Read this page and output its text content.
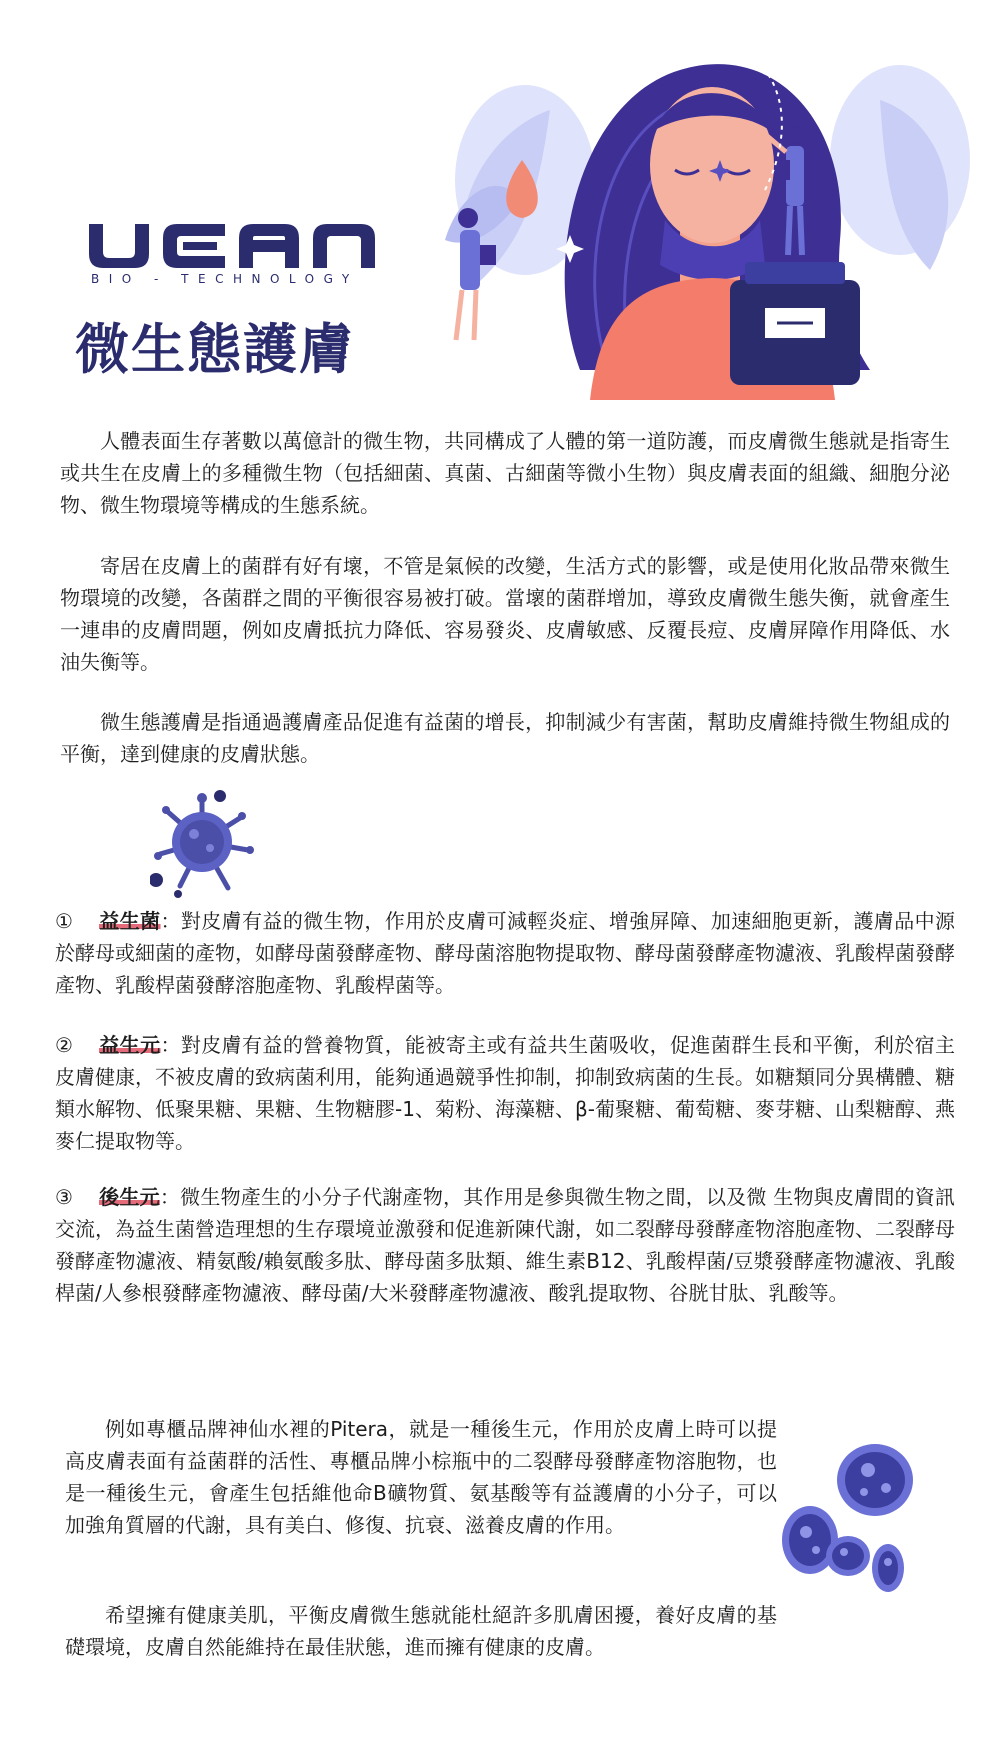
BIO - TECHNOLOGY
微生態護膚

人體表面生存著數以萬億計的微生物，共同構成了人體的第一道防護，而皮膚微生態就是指寄生或共生在皮膚上的多種微生物（包括細菌、真菌、古細菌等微小生物）與皮膚表面的組織、細胞分泌物、微生物環境等構成的生態系統。

寄居在皮膚上的菌群有好有壞，不管是氣候的改變，生活方式的影響，或是使用化妝品帶來微生物環境的改變，各菌群之間的平衡很容易被打破。當壞的菌群增加，導致皮膚微生態失衡，就會產生一連串的皮膚問題，例如皮膚抵抗力降低、容易發炎、皮膚敏感、反覆長痘、皮膚屏障作用降低、水油失衡等。

微生態護膚是指通過護膚產品促進有益菌的增長，抑制減少有害菌，幫助皮膚維持微生物組成的平衡，達到健康的皮膚狀態。

① 益生菌：對皮膚有益的微生物，作用於皮膚可減輕炎症、增強屏障、加速細胞更新，護膚品中源於酵母或細菌的產物，如酵母菌發酵產物、酵母菌溶胞物提取物、酵母菌發酵產物濾液、乳酸桿菌發酵產物、乳酸桿菌發酵溶胞產物、乳酸桿菌等。

② 益生元：對皮膚有益的營養物質，能被寄主或有益共生菌吸收，促進菌群生長和平衡，利於宿主皮膚健康，不被皮膚的致病菌利用，能夠通過競爭性抑制，抑制致病菌的生長。如糖類同分異構體、糖類水解物、低聚果糖、果糖、生物糖膠-1、菊粉、海藻糖、β-葡聚糖、葡萄糖、麥芽糖、山梨糖醇、燕麥仁提取物等。

③ 後生元：微生物產生的小分子代謝產物，其作用是參與微生物之間，以及微 生物與皮膚間的資訊交流，為益生菌營造理想的生存環境並激發和促進新陳代謝，如二裂酵母發酵產物溶胞產物、二裂酵母發酵產物濾液、精氨酸/賴氨酸多肽、酵母菌多肽類、維生素B12、乳酸桿菌/豆漿發酵產物濾液、乳酸桿菌/人參根發酵產物濾液、酵母菌/大米發酵產物濾液、酸乳提取物、谷胱甘肽、乳酸等。

例如專櫃品牌神仙水裡的Pitera，就是一種後生元，作用於皮膚上時可以提高皮膚表面有益菌群的活性、專櫃品牌小棕瓶中的二裂酵母發酵產物溶胞物，也是一種後生元，會產生包括維他命B礦物質、氨基酸等有益護膚的小分子，可以加強角質層的代謝，具有美白、修復、抗衰、滋養皮膚的作用。

希望擁有健康美肌，平衡皮膚微生態就能杜絕許多肌膚困擾，養好皮膚的基礎環境，皮膚自然能維持在最佳狀態，進而擁有健康的皮膚。
